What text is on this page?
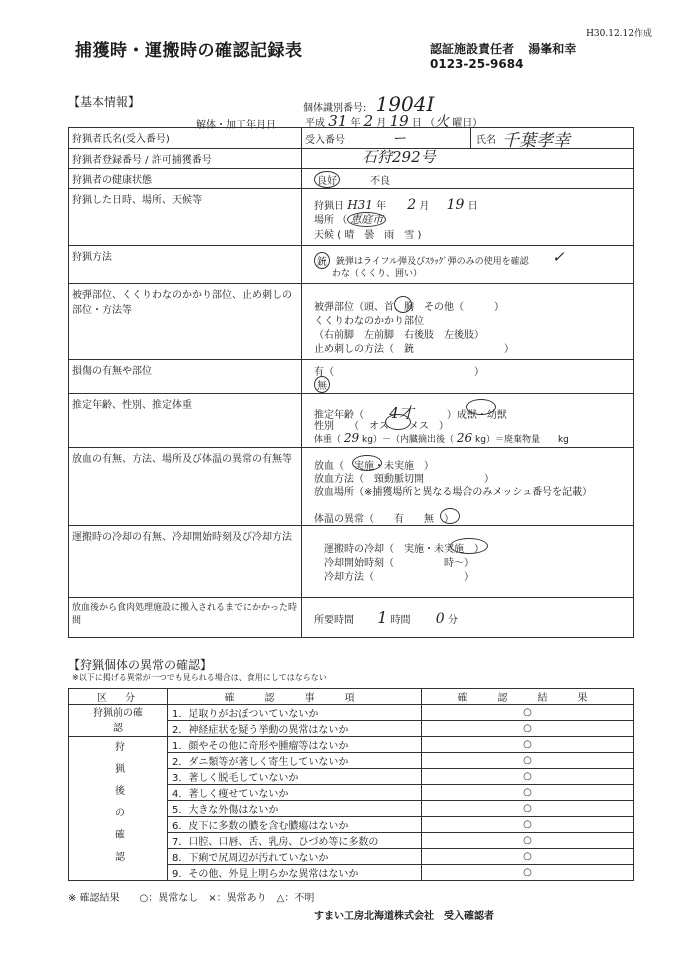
H30.12.12作成
捕獲時・運搬時の確認記録表	認証施設責任者 湯峯和幸
0123-25-9684
【基本情報】	個体識別番号: 1904I
解体・加工年月日	平成 31 年 2 月 19 日 （火 曜日）
狩猟者氏名(受入番号)	受入番号 ー 氏名 千葉孝幸

狩猟者登録番号 / 許可捕獲番号	石狩292号

狩猟者の健康状態	良好 不良

狩猟した日時、場所、天候等	狩猟日 H31 年 2 月 19 日
場所 （ 恵庭市
天候 ( 晴　曇　雨　雪 )

狩猟方法	銃 銃弾はライフル弾及びｽﾗｯｸﾞ弾のみの使用を確認 ✓
わな（くくり、囲い）

被弾部位、くくりわなのかかり部位、止め刺しの部位・方法等	被弾部位（頭、首、胸　その他（　　　）
くくりわなのかかり部位
（右前脚　左前脚　右後肢　左後肢）
止め刺しの方法（　銃　　　　　　　　　）

損傷の有無や部位	有（　　　　　　　　　　　　　　）
無

推定年齢、性別、推定体重	推定年齢（ 4才 ）成獣・幼獣
性別　　（　オス　　メス　）
体重（ 29 kg）－（内臓摘出後（ 26 kg）＝廃棄物量　　kg

放血の有無、方法、場所及び体温の異常の有無等	放血（　実施・未実施　）
放血方法（　頸動脈切開　　　　　　）
放血場所（※捕獲場所と異なる場合のみメッシュ番号を記載）
体温の異常（　　有　　無　）

運搬時の冷却の有無、冷却開始時刻及び冷却方法	運搬時の冷却（　実施・未実施　）
冷却開始時刻（　　　　　時～）
冷却方法（　　　　　　　　　）

放血後から食肉処理施設に搬入されるまでにかかった時間	所要時間 1 時間 0 分
【狩猟個体の異常の確認】
※以下に掲げる異常が一つでも見られる場合は、食用にしてはならない
区　分	確　認　事　項	確　認　結　果
狩猟前の確認	1．足取りがおぼついていないか	○
	2．神経症状を疑う挙動の異常はないか	○
狩猟後の確認	1．顔やその他に奇形や腫瘤等はないか	○
	2．ダニ類等が著しく寄生していないか	○
	3．著しく脱毛していないか	○
	4．著しく痩せていないか	○
	5．大きな外傷はないか	○
	6．皮下に多数の膿を含む膿瘍はないか	○
	7．口腔、口唇、舌、乳房、ひづめ等に多数の	○
	8．下痢で尻周辺が汚れていないか	○
	9．その他、外見上明らかな異常はないか	○
※ 確認結果　　○：異常なし　×：異常あり　△：不明
すまい工房北海道株式会社　受入確認者
